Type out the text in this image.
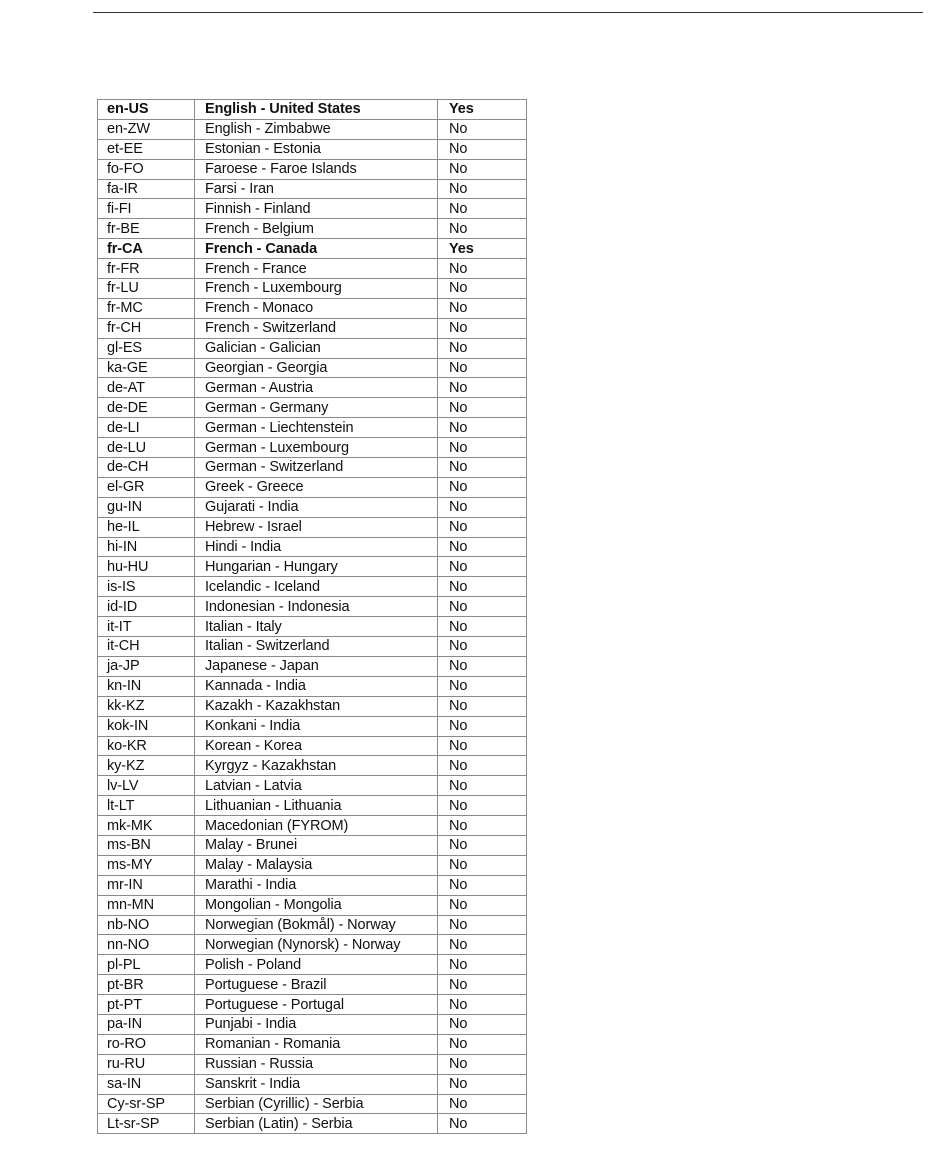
en-US	English - United States	Yes
en-ZW	English - Zimbabwe	No
et-EE	Estonian - Estonia	No
fo-FO	Faroese - Faroe Islands	No
fa-IR	Farsi - Iran	No
fi-FI	Finnish - Finland	No
fr-BE	French - Belgium	No
fr-CA	French - Canada	Yes
fr-FR	French - France	No
fr-LU	French - Luxembourg	No
fr-MC	French - Monaco	No
fr-CH	French - Switzerland	No
gl-ES	Galician - Galician	No
ka-GE	Georgian - Georgia	No
de-AT	German - Austria	No
de-DE	German - Germany	No
de-LI	German - Liechtenstein	No
de-LU	German - Luxembourg	No
de-CH	German - Switzerland	No
el-GR	Greek - Greece	No
gu-IN	Gujarati - India	No
he-IL	Hebrew - Israel	No
hi-IN	Hindi - India	No
hu-HU	Hungarian - Hungary	No
is-IS	Icelandic - Iceland	No
id-ID	Indonesian - Indonesia	No
it-IT	Italian - Italy	No
it-CH	Italian - Switzerland	No
ja-JP	Japanese - Japan	No
kn-IN	Kannada - India	No
kk-KZ	Kazakh - Kazakhstan	No
kok-IN	Konkani - India	No
ko-KR	Korean - Korea	No
ky-KZ	Kyrgyz - Kazakhstan	No
lv-LV	Latvian - Latvia	No
lt-LT	Lithuanian - Lithuania	No
mk-MK	Macedonian (FYROM)	No
ms-BN	Malay - Brunei	No
ms-MY	Malay - Malaysia	No
mr-IN	Marathi - India	No
mn-MN	Mongolian - Mongolia	No
nb-NO	Norwegian (Bokmål) - Norway	No
nn-NO	Norwegian (Nynorsk) - Norway	No
pl-PL	Polish - Poland	No
pt-BR	Portuguese - Brazil	No
pt-PT	Portuguese - Portugal	No
pa-IN	Punjabi - India	No
ro-RO	Romanian - Romania	No
ru-RU	Russian - Russia	No
sa-IN	Sanskrit - India	No
Cy-sr-SP	Serbian (Cyrillic) - Serbia	No
Lt-sr-SP	Serbian (Latin) - Serbia	No
